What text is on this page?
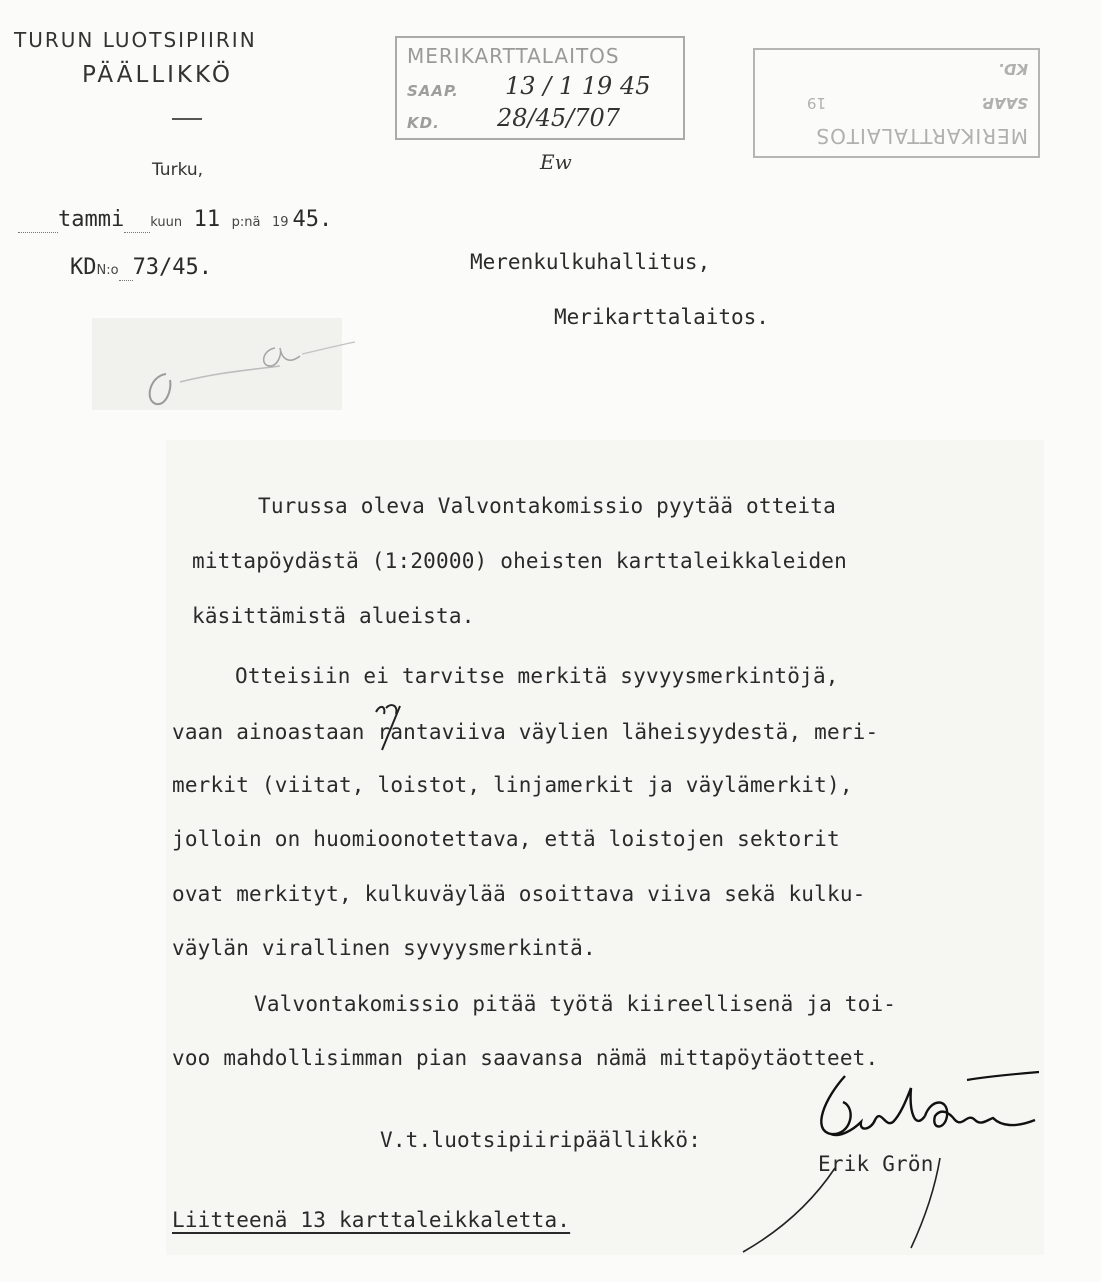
TURUN LUOTSIPIIRIN
PÄÄLLIKKÖ
Turku,
tammi kuun 11 p:nä 19 45.
KDN:o 73/45.
MERIKARTTALAITOS
SAAP.
KD.
13 / 1 19 45
28/45/707
Ew
MERIKARTTALAITOS
SAAP.
19
KD.
Merenkulkuhallitus,
Merikarttalaitos.
Turussa oleva Valvontakomissio pyytää otteita
mittapöydästä (1:20000) oheisten karttaleikkaleiden
käsittämistä alueista.
Otteisiin ei tarvitse merkitä syvyysmerkintöjä,
vaan ainoastaan rantaviiva väylien läheisyydestä, meri-
merkit (viitat, loistot, linjamerkit ja väylämerkit),
jolloin on huomioonotettava, että loistojen sektorit
ovat merkityt, kulkuväylää osoittava viiva sekä kulku-
väylän virallinen syvyysmerkintä.
Valvontakomissio pitää työtä kiireellisenä ja toi-
voo mahdollisimman pian saavansa nämä mittapöytäotteet.
V.t.luotsipiiripäällikkö:
Erik Grön
Liitteenä 13 karttaleikkaletta.
